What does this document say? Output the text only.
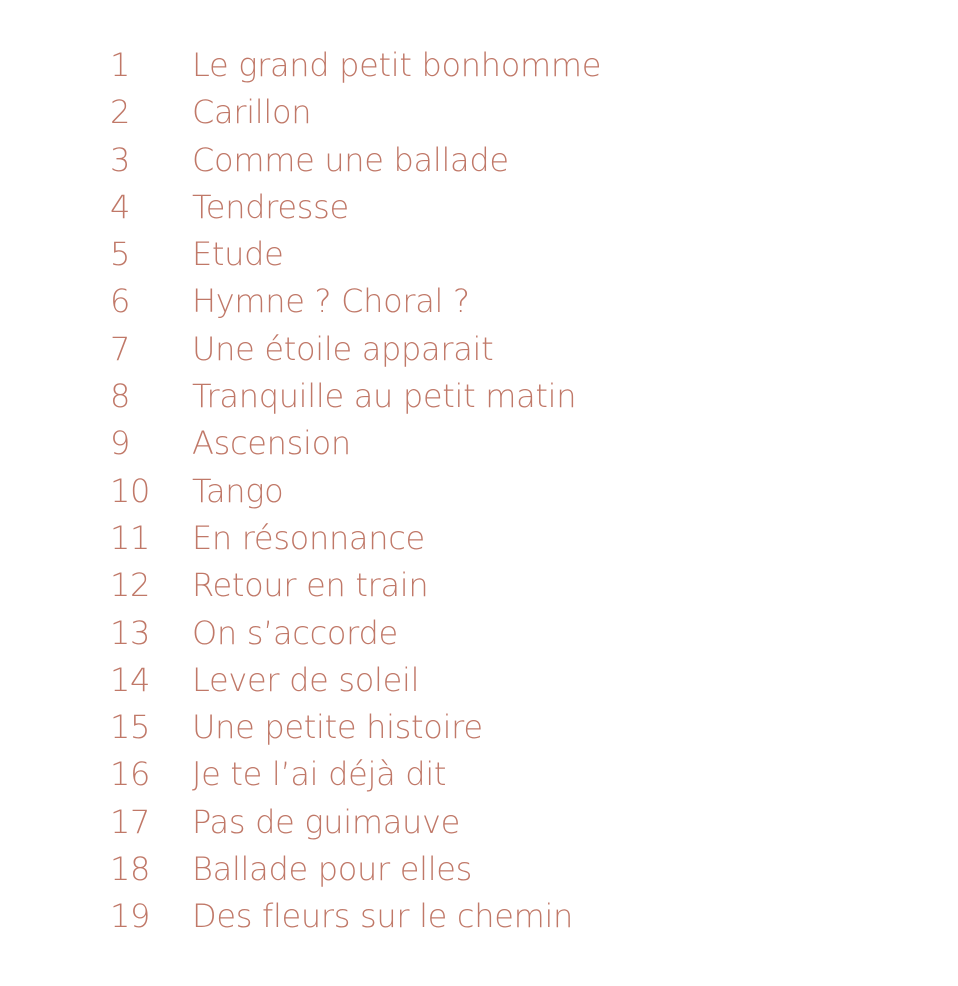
1 Le grand petit bonhomme
2 Carillon
3 Comme une ballade
4 Tendresse
5 Etude
6 Hymne ? Choral ?
7 Une étoile apparait
8 Tranquille au petit matin
9 Ascension
10 Tango
11 En résonnance
12 Retour en train
13 On s’accorde
14 Lever de soleil
15 Une petite histoire
16 Je te l’ai déjà dit
17 Pas de guimauve
18 Ballade pour elles
19 Des fleurs sur le chemin
